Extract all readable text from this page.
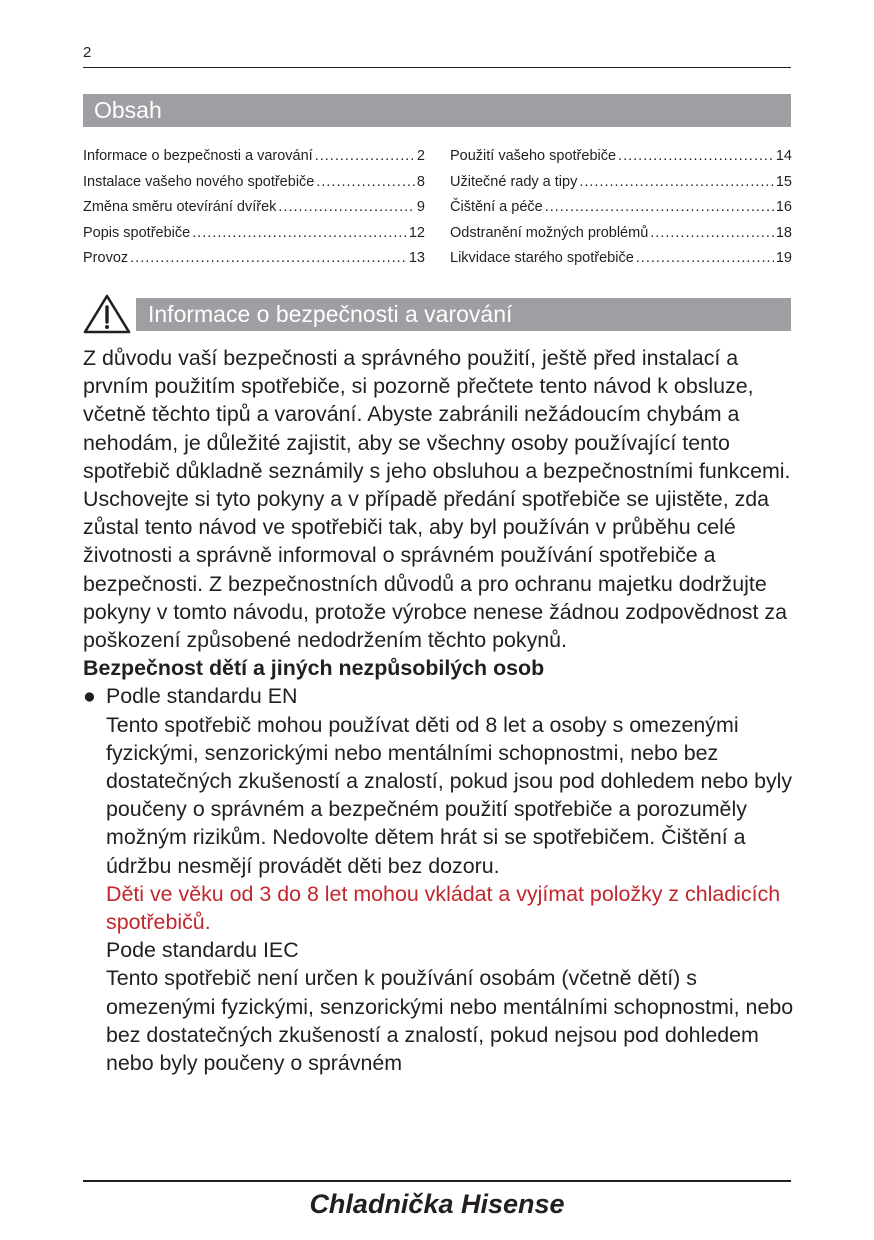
2
Obsah
Informace o bezpečnosti a varování .....	2
Instalace vašeho nového spotřebiče .....	8
Změna směru otevírání dvířek .....	9
Popis spotřebiče .....	12
Provoz .....	13
Použití vašeho spotřebiče .....	14
Užitečné rady a tipy .....	15
Čištění a péče .....	16
Odstranění možných problémů .....	18
Likvidace starého spotřebiče .....	19
Informace o bezpečnosti a varování

Z důvodu vaší bezpečnosti a správného použití, ještě před instalací a prvním použitím spotřebiče, si pozorně přečtete tento návod k obsluze, včetně těchto tipů a varování. Abyste zabránili nežádoucím chybám a nehodám, je důležité zajistit, aby se všechny osoby používající tento spotřebič důkladně seznámily s jeho obsluhou a bezpečnostními funkcemi. Uschovejte si tyto pokyny a v případě předání spotřebiče se ujistěte, zda zůstal tento návod ve spotřebiči tak, aby byl používán v průběhu celé životnosti a správně informoval o správném používání spotřebiče a bezpečnosti. Z bezpečnostních důvodů a pro ochranu majetku dodržujte pokyny v tomto návodu, protože výrobce nenese žádnou zodpovědnost za poškození způsobené nedodržením těchto pokynů.

Bezpečnost dětí a jiných nezpůsobilých osob

● Podle standardu EN

Tento spotřebič mohou používat děti od 8 let a osoby s omezenými fyzickými, senzorickými nebo mentálními schopnostmi, nebo bez dostatečných zkušeností a znalostí, pokud jsou pod dohledem nebo byly poučeny o správném a bezpečném použití spotřebiče a porozuměly možným rizikům. Nedovolte dětem hrát si se spotřebičem. Čištění a údržbu nesmějí provádět děti bez dozoru.

Děti ve věku od 3 do 8 let mohou vkládat a vyjímat položky z chladicích spotřebičů.

Pode standardu IEC

Tento spotřebič není určen k používání osobám (včetně dětí) s omezenými fyzickými, senzorickými nebo mentálními schopnostmi, nebo bez dostatečných zkušeností a znalostí, pokud nejsou pod dohledem nebo byly poučeny o správném

Chladnička Hisense
